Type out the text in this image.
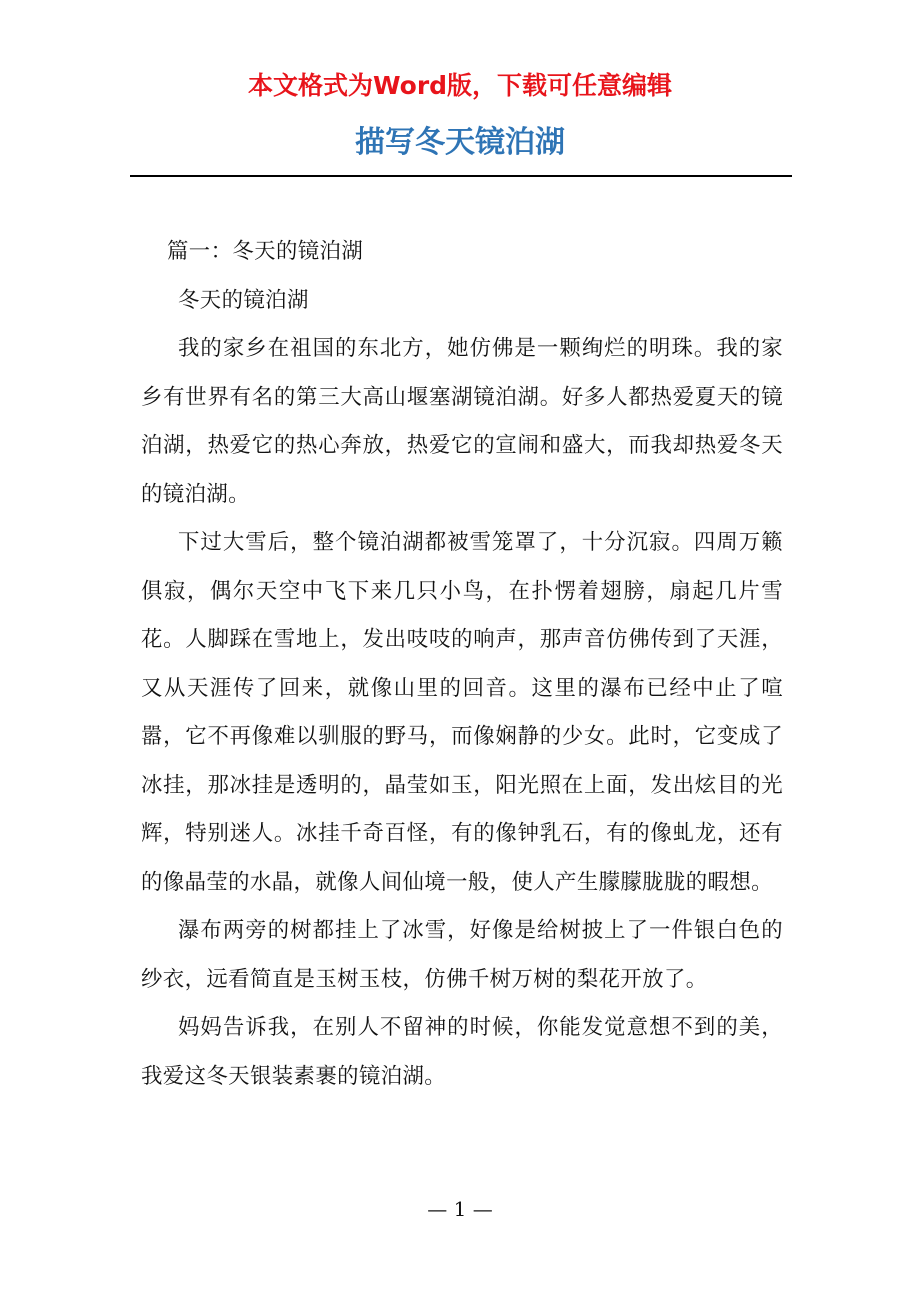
本文格式为Word版，下载可任意编辑
描写冬天镜泊湖

篇一：冬天的镜泊湖

冬天的镜泊湖

我的家乡在祖国的东北方，她仿佛是一颗绚烂的明珠。我的家乡有世界有名的第三大高山堰塞湖镜泊湖。好多人都热爱夏天的镜泊湖，热爱它的热心奔放，热爱它的宣闹和盛大，而我却热爱冬天的镜泊湖。

下过大雪后，整个镜泊湖都被雪笼罩了，十分沉寂。四周万籁俱寂，偶尔天空中飞下来几只小鸟，在扑愣着翅膀，扇起几片雪花。人脚踩在雪地上，发出吱吱的响声，那声音仿佛传到了天涯，又从天涯传了回来，就像山里的回音。这里的瀑布已经中止了喧嚣，它不再像难以驯服的野马，而像娴静的少女。此时，它变成了冰挂，那冰挂是透明的，晶莹如玉，阳光照在上面，发出炫目的光辉，特别迷人。冰挂千奇百怪，有的像钟乳石，有的像虬龙，还有的像晶莹的水晶，就像人间仙境一般，使人产生朦朦胧胧的暇想。

瀑布两旁的树都挂上了冰雪，好像是给树披上了一件银白色的纱衣，远看简直是玉树玉枝，仿佛千树万树的梨花开放了。

妈妈告诉我，在别人不留神的时候，你能发觉意想不到的美，我爱这冬天银装素裹的镜泊湖。

— 1 —
